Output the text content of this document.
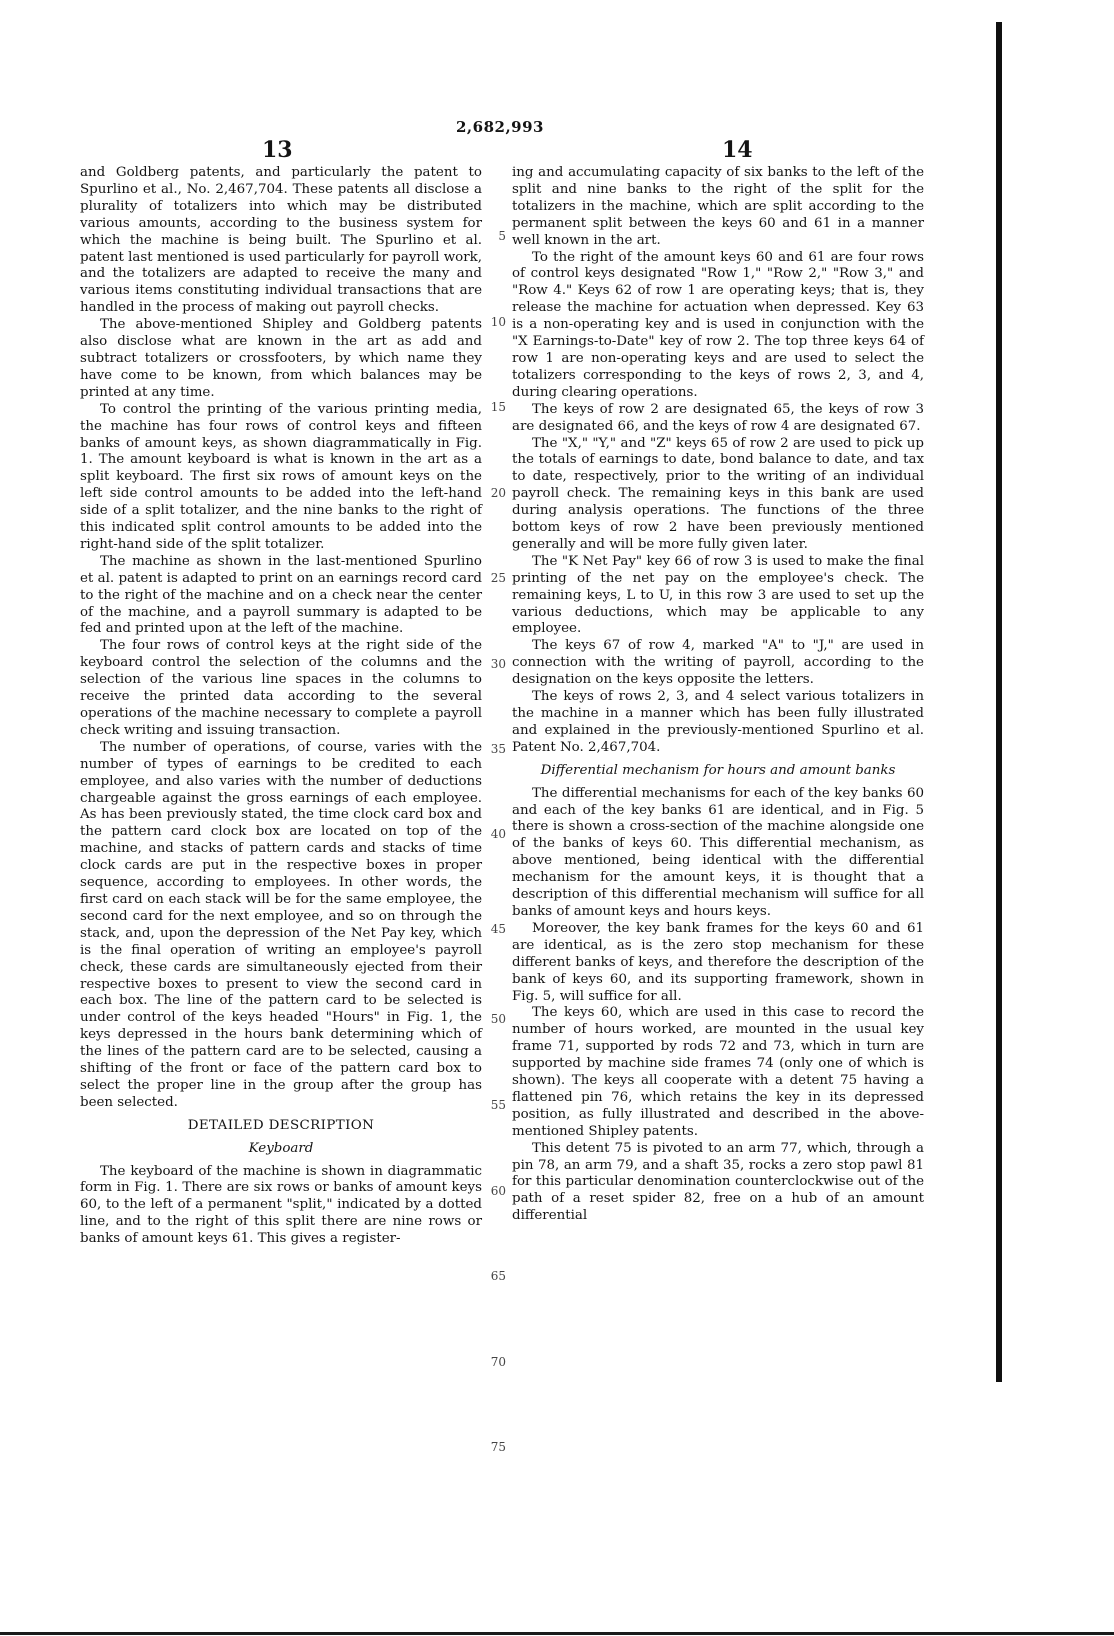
2,682,993
13	14

and Goldberg patents, and particularly the patent to Spurlino et al., No. 2,467,704. These patents all disclose a plurality of totalizers into which may be distributed various amounts, according to the business system for which the machine is being built. The Spurlino et al. patent last mentioned is used particularly for payroll work, and the totalizers are adapted to receive the many and various items constituting individual transactions that are handled in the process of making out payroll checks.

The above-mentioned Shipley and Goldberg patents also disclose what are known in the art as add and subtract totalizers or crossfooters, by which name they have come to be known, from which balances may be printed at any time.

To control the printing of the various printing media, the machine has four rows of control keys and fifteen banks of amount keys, as shown diagrammatically in Fig. 1. The amount keyboard is what is known in the art as a split keyboard. The first six rows of amount keys on the left side control amounts to be added into the left-hand side of a split totalizer, and the nine banks to the right of this indicated split control amounts to be added into the right-hand side of the split totalizer.

The machine as shown in the last-mentioned Spurlino et al. patent is adapted to print on an earnings record card to the right of the machine and on a check near the center of the machine, and a payroll summary is adapted to be fed and printed upon at the left of the machine.

The four rows of control keys at the right side of the keyboard control the selection of the columns and the selection of the various line spaces in the columns to receive the printed data according to the several operations of the machine necessary to complete a payroll check writing and issuing transaction.

The number of operations, of course, varies with the number of types of earnings to be credited to each employee, and also varies with the number of deductions chargeable against the gross earnings of each employee. As has been previously stated, the time clock card box and the pattern card clock box are located on top of the machine, and stacks of pattern cards and stacks of time clock cards are put in the respective boxes in proper sequence, according to employees. In other words, the first card on each stack will be for the same employee, the second card for the next employee, and so on through the stack, and, upon the depression of the Net Pay key, which is the final operation of writing an employee's payroll check, these cards are simultaneously ejected from their respective boxes to present to view the second card in each box. The line of the pattern card to be selected is under control of the keys headed "Hours" in Fig. 1, the keys depressed in the hours bank determining which of the lines of the pattern card are to be selected, causing a shifting of the front or face of the pattern card box to select the proper line in the group after the group has been selected.

DETAILED DESCRIPTION
Keyboard

The keyboard of the machine is shown in diagrammatic form in Fig. 1. There are six rows or banks of amount keys 60, to the left of a permanent "split," indicated by a dotted line, and to the right of this split there are nine rows or banks of amount keys 61. This gives a register-

ing and accumulating capacity of six banks to the left of the split and nine banks to the right of the split for the totalizers in the machine, which are split according to the permanent split between the keys 60 and 61 in a manner well known in the art.

To the right of the amount keys 60 and 61 are four rows of control keys designated "Row 1," "Row 2," "Row 3," and "Row 4." Keys 62 of row 1 are operating keys; that is, they release the machine for actuation when depressed. Key 63 is a non-operating key and is used in conjunction with the "X Earnings-to-Date" key of row 2. The top three keys 64 of row 1 are non-operating keys and are used to select the totalizers corresponding to the keys of rows 2, 3, and 4, during clearing operations.

The keys of row 2 are designated 65, the keys of row 3 are designated 66, and the keys of row 4 are designated 67.

The "X," "Y," and "Z" keys 65 of row 2 are used to pick up the totals of earnings to date, bond balance to date, and tax to date, respectively, prior to the writing of an individual payroll check. The remaining keys in this bank are used during analysis operations. The functions of the three bottom keys of row 2 have been previously mentioned generally and will be more fully given later.

The "K Net Pay" key 66 of row 3 is used to make the final printing of the net pay on the employee's check. The remaining keys, L to U, in this row 3 are used to set up the various deductions, which may be applicable to any employee.

The keys 67 of row 4, marked "A" to "J," are used in connection with the writing of payroll, according to the designation on the keys opposite the letters.

The keys of rows 2, 3, and 4 select various totalizers in the machine in a manner which has been fully illustrated and explained in the previously-mentioned Spurlino et al. Patent No. 2,467,704.

Differential mechanism for hours and amount banks

The differential mechanisms for each of the key banks 60 and each of the key banks 61 are identical, and in Fig. 5 there is shown a cross-section of the machine alongside one of the banks of keys 60. This differential mechanism, as above mentioned, being identical with the differential mechanism for the amount keys, it is thought that a description of this differential mechanism will suffice for all banks of amount keys and hours keys.

Moreover, the key bank frames for the keys 60 and 61 are identical, as is the zero stop mechanism for these different banks of keys, and therefore the description of the bank of keys 60, and its supporting framework, shown in Fig. 5, will suffice for all.

The keys 60, which are used in this case to record the number of hours worked, are mounted in the usual key frame 71, supported by rods 72 and 73, which in turn are supported by machine side frames 74 (only one of which is shown). The keys all cooperate with a detent 75 having a flattened pin 76, which retains the key in its depressed position, as fully illustrated and described in the above-mentioned Shipley patents.

This detent 75 is pivoted to an arm 77, which, through a pin 78, an arm 79, and a shaft 35, rocks a zero stop pawl 81 for this particular denomination counterclockwise out of the path of a reset spider 82, free on a hub of an amount differential

5
10
15
20
25
30
35
40
45
50
55
60
65
70
75
